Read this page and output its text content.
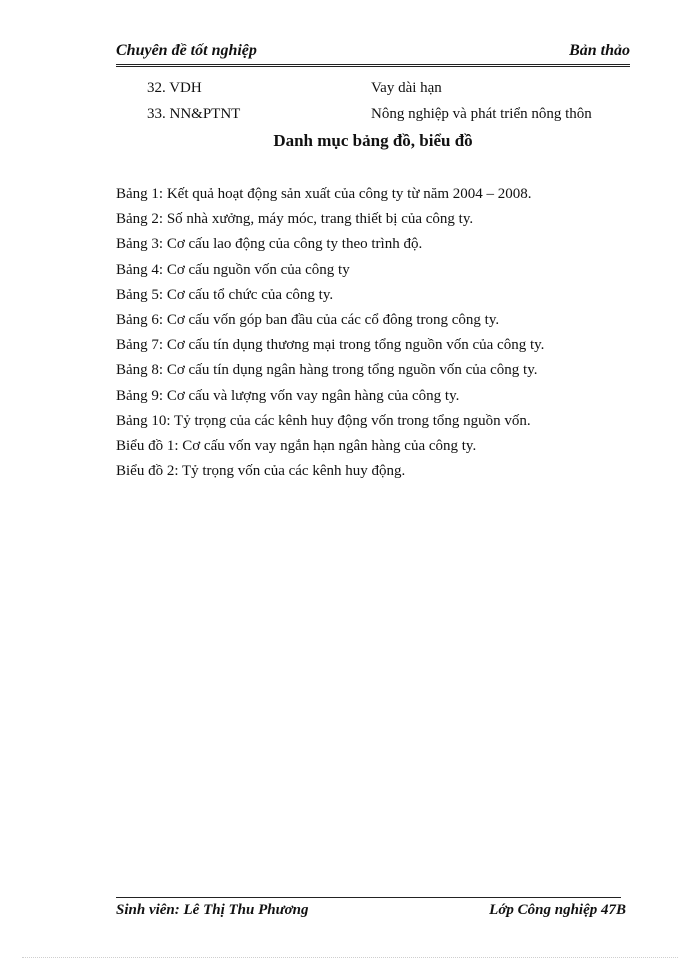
Chuyên đề tốt nghiệp	Bản thảo
32. VDH	Vay dài hạn
33. NN&PTNT	Nông nghiệp và phát triển nông thôn
Danh mục bảng đồ, biểu đồ
Bảng 1: Kết quả hoạt động sản xuất của công ty từ năm 2004 – 2008.
Bảng 2: Số nhà xưởng, máy móc, trang thiết bị của công ty.
Bảng 3: Cơ cấu lao động của công ty theo trình độ.
Bảng 4: Cơ cấu nguồn vốn của công ty
Bảng 5: Cơ cấu tổ chức của công ty.
Bảng 6: Cơ cấu vốn góp ban đầu của các cổ đông trong công ty.
Bảng 7: Cơ cấu tín dụng thương mại trong tổng nguồn vốn của công ty.
Bảng 8: Cơ cấu tín dụng ngân hàng trong tổng nguồn vốn của công ty.
Bảng 9: Cơ cấu và lượng vốn vay ngân hàng của công ty.
Bảng 10: Tỷ trọng của các kênh huy động vốn trong tổng nguồn vốn.
Biểu đồ 1: Cơ cấu vốn vay ngắn hạn ngân hàng của công ty.
Biểu đồ 2: Tỷ trọng vốn của các kênh huy động.
Sinh viên: Lê Thị Thu Phương	Lớp Công nghiệp 47B
